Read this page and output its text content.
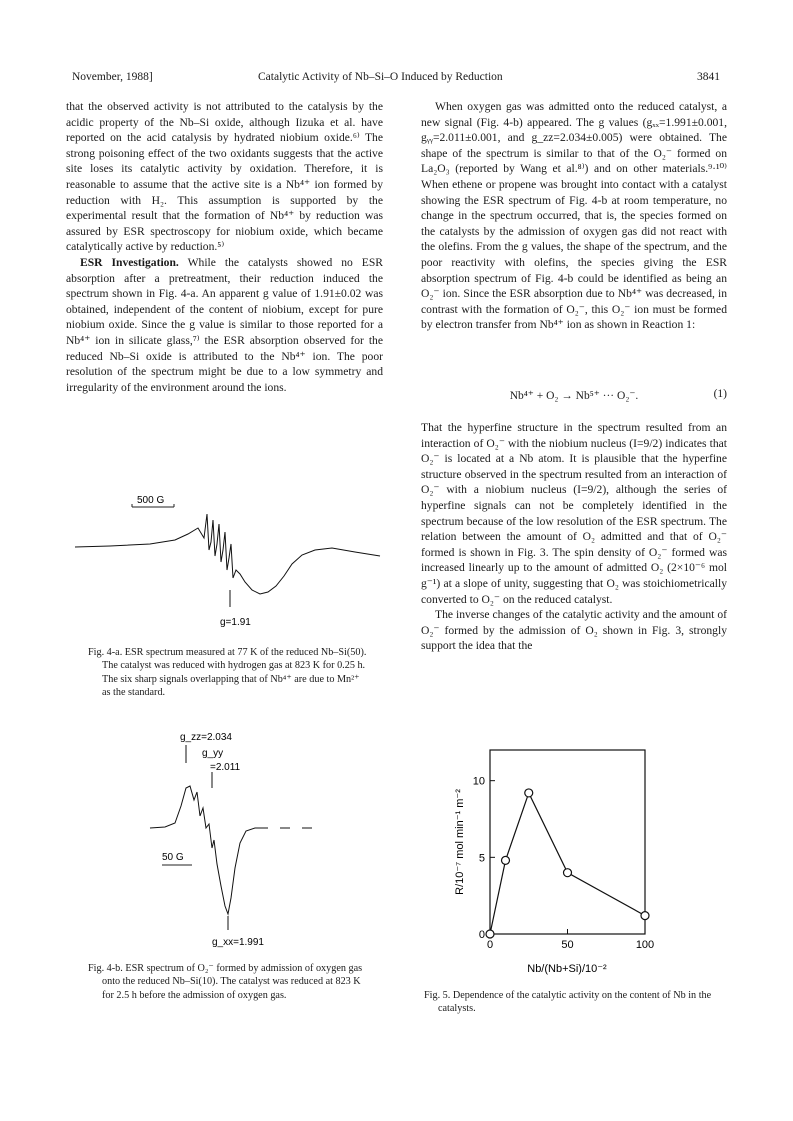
November, 1988]	Catalytic Activity of Nb–Si–O Induced by Reduction	3841

that the observed activity is not attributed to the catalysis by the acidic property of the Nb–Si oxide, although Iizuka et al. have reported on the acid catalysis by hydrated niobium oxide.⁶⁾ The strong poisoning effect of the two oxidants suggests that the active site loses its catalytic activity by oxidation. Therefore, it is reasonable to assume that the active site is a Nb⁴⁺ ion formed by reduction with H₂. This assumption is supported by the experimental result that the formation of Nb⁴⁺ by reduction was assured by ESR spectroscopy for niobium oxide, which became catalytically active by reduction.⁵⁾

ESR Investigation. While the catalysts showed no ESR absorption after a pretreatment, their reduction induced the spectrum shown in Fig. 4-a. An apparent g value of 1.91±0.02 was obtained, independent of the content of niobium, except for pure niobium oxide. Since the g value is similar to those reported for a Nb⁴⁺ ion in silicate glass,⁷⁾ the ESR absorption observed for the reduced Nb–Si oxide is attributed to the Nb⁴⁺ ion. The poor resolution of the spectrum might be due to a low symmetry and irregularity of the environment around the ions.

When oxygen gas was admitted onto the reduced catalyst, a new signal (Fig. 4-b) appeared. The g values (gₓₓ=1.991±0.001, gᵧᵧ=2.011±0.001, and g_zz=2.034±0.005) were obtained. The shape of the spectrum is similar to that of the O₂⁻ formed on La₂O₃ (reported by Wang et al.⁸⁾) and on other materials.⁹·¹⁰⁾ When ethene or propene was brought into contact with a catalyst showing the ESR spectrum of Fig. 4-b at room temperature, no change in the spectrum occurred, that is, the species formed on the catalysts by the admission of oxygen gas did not react with the olefins. From the g values, the shape of the spectrum, and the poor reactivity with olefins, the species giving the ESR absorption spectrum of Fig. 4-b could be identified as being an O₂⁻ ion. Since the ESR absorption due to Nb⁴⁺ was decreased, in contrast with the formation of O₂⁻, this O₂⁻ ion must be formed by electron transfer from Nb⁴⁺ ion as shown in Reaction 1:

Nb⁴⁺ + O₂ → Nb⁵⁺ ··· O₂⁻.	(1)

That the hyperfine structure in the spectrum resulted from an interaction of O₂⁻ with the niobium nucleus (I=9/2) indicates that O₂⁻ is located at a Nb atom. It is plausible that the hyperfine structure observed in the spectrum resulted from an interaction of O₂⁻ with a niobium nucleus (I=9/2), although the series of hyperfine signals can not be completely identified in the spectrum because of the low resolution of the ESR spectrum. The relation between the amount of O₂ admitted and that of O₂⁻ formed is shown in Fig. 3. The spin density of O₂⁻ formed was increased linearly up to the amount of admitted O₂ (2×10⁻⁶ mol g⁻¹) at a slope of unity, suggesting that O₂ was stoichiometrically converted to O₂⁻ on the reduced catalyst.

The inverse changes of the catalytic activity and the amount of O₂⁻ formed by the admission of O₂ shown in Fig. 3, strongly support the idea that the

500 G
g=1.91
Fig. 4-a. ESR spectrum measured at 77 K of the reduced Nb–Si(50). The catalyst was reduced with hydrogen gas at 823 K for 0.25 h. The six sharp signals overlapping that of Nb⁴⁺ are due to Mn²⁺ as the standard.
g_zz=2.034
g_yy
=2.011
50 G
g_xx=1.991
Fig. 4-b. ESR spectrum of O₂⁻ formed by admission of oxygen gas onto the reduced Nb–Si(10). The catalyst was reduced at 823 K for 2.5 h before the admission of oxygen gas.
0	50	100
0
5
10
Nb/(Nb+Si)/10⁻²
R/10⁻⁷ mol min⁻¹ m⁻²
Fig. 5. Dependence of the catalytic activity on the content of Nb in the catalysts.
